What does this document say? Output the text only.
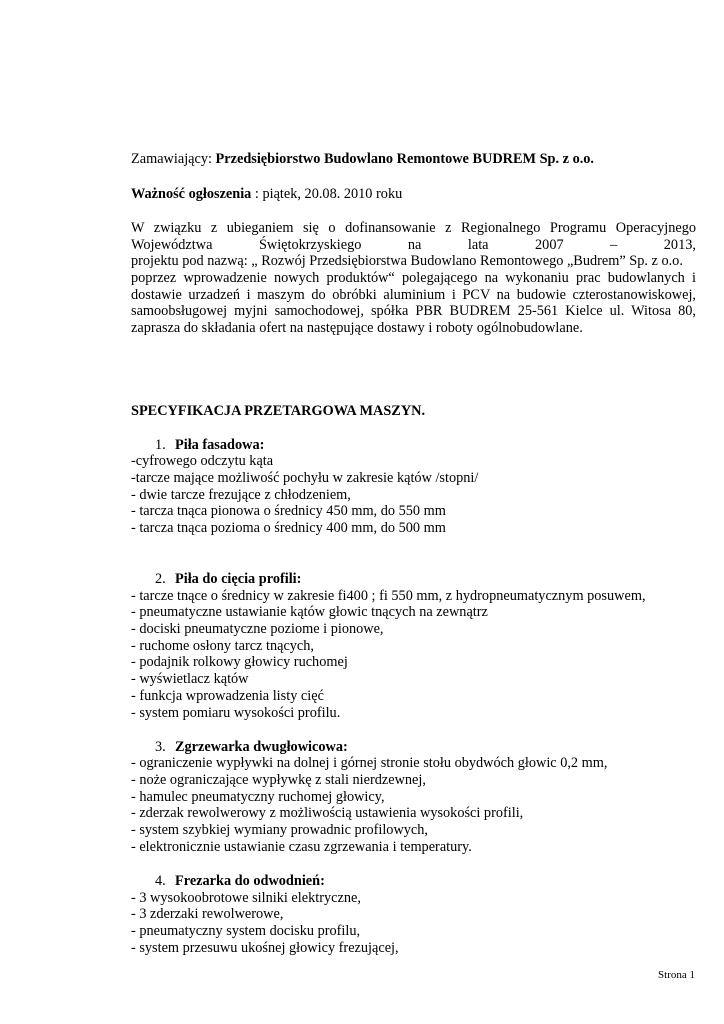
Zamawiający: Przedsiębiorstwo Budowlano Remontowe BUDREM Sp. z o.o.
Ważność ogłoszenia : piątek, 20.08. 2010 roku
W związku z ubieganiem się o dofinansowanie z Regionalnego Programu Operacyjnego
Województwa	Świętokrzyskiego	na	lata	2007	–	2013,
projektu pod nazwą: „ Rozwój Przedsiębiorstwa Budowlano Remontowego „Budrem” Sp. z o.o.
poprzez wprowadzenie nowych produktów“ polegającego na wykonaniu prac budowlanych i
dostawie urzadzeń i maszym do obróbki aluminium i PCV na budowie czterostanowiskowej,
samoobsługowej myjni samochodowej, spółka PBR BUDREM 25-561 Kielce ul. Witosa 80,
zaprasza do składania ofert na następujące dostawy i roboty ogólnobudowlane.
SPECYFIKACJA PRZETARGOWA MASZYN.
1. Piła fasadowa:
-cyfrowego odczytu kąta
-tarcze mające możliwość pochyłu w zakresie kątów /stopni/
- dwie tarcze frezujące z chłodzeniem,
- tarcza tnąca pionowa o średnicy 450 mm, do 550 mm
- tarcza tnąca pozioma o średnicy 400 mm, do 500 mm
2. Piła do cięcia profili:
- tarcze tnące o średnicy w zakresie fi400 ; fi 550 mm, z hydropneumatycznym posuwem,
- pneumatyczne ustawianie kątów głowic tnących na zewnątrz
- dociski pneumatyczne poziome i pionowe,
- ruchome osłony tarcz tnących,
- podajnik rolkowy głowicy ruchomej
- wyświetlacz kątów
- funkcja wprowadzenia listy cięć
- system pomiaru wysokości profilu.
3. Zgrzewarka dwugłowicowa:
- ograniczenie wypływki na dolnej i górnej stronie stołu obydwóch głowic 0,2 mm,
- noże ograniczające wypływkę z stali nierdzewnej,
- hamulec pneumatyczny ruchomej głowicy,
- zderzak rewolwerowy z możliwością ustawienia wysokości profili,
- system szybkiej wymiany prowadnic profilowych,
- elektronicznie ustawianie czasu zgrzewania i temperatury.
4. Frezarka do odwodnień:
- 3 wysokoobrotowe silniki elektryczne,
- 3 zderzaki rewolwerowe,
- pneumatyczny system docisku profilu,
- system przesuwu ukośnej głowicy frezującej,
Strona 1
